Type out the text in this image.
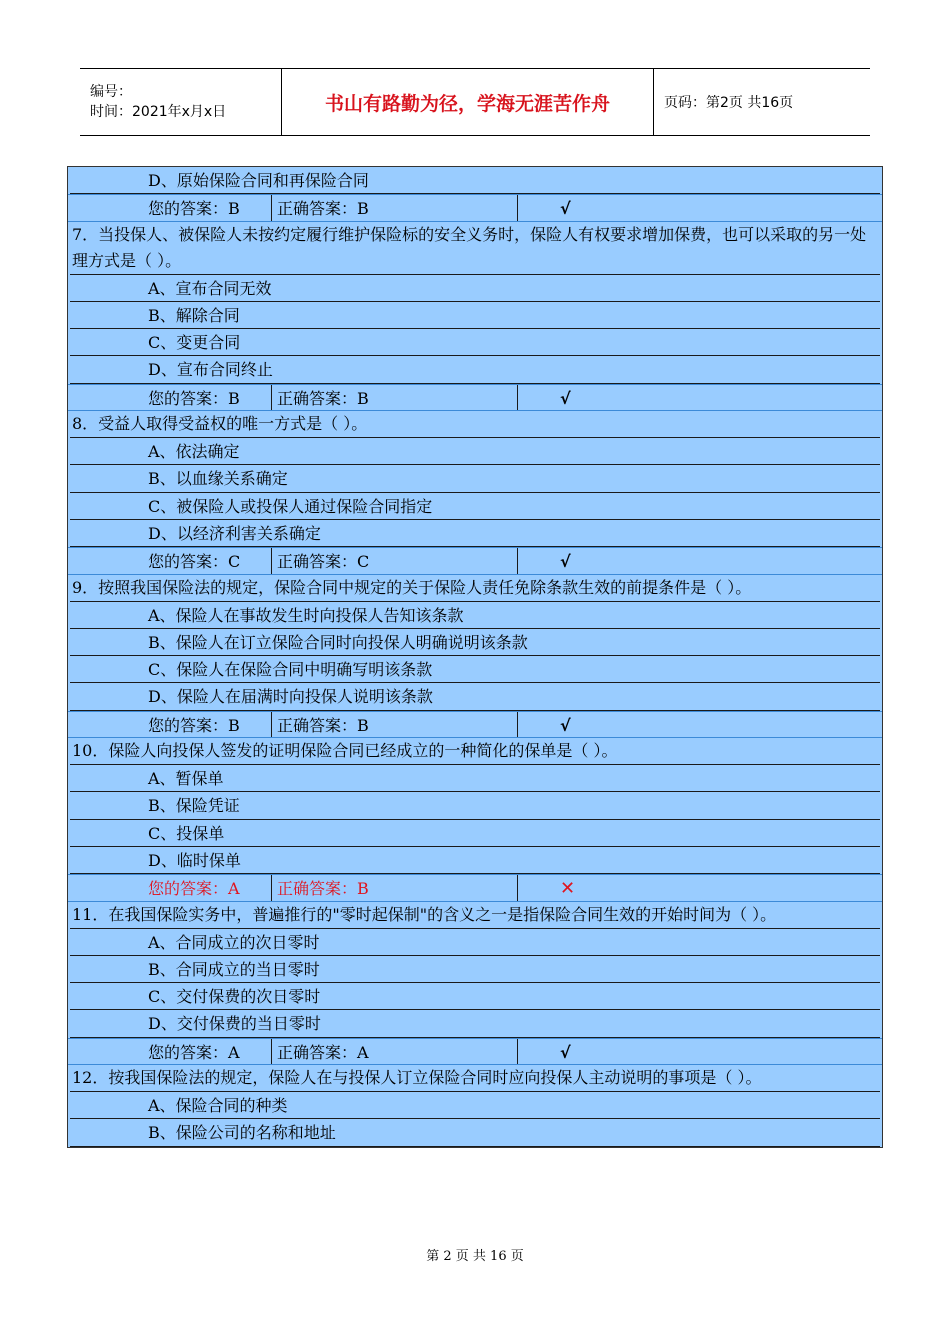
编号：
时间：2021年x月x日	书山有路勤为径，学海无涯苦作舟	页码：第2页 共16页
D、原始保险合同和再保险合同
您的答案：B	正确答案：B	√
7．当投保人、被保险人未按约定履行维护保险标的安全义务时，保险人有权要求增加保费，也可以采取的另一处理方式是（ ）。
A、宣布合同无效
B、解除合同
C、变更合同
D、宣布合同终止
您的答案：B	正确答案：B	√
8．受益人取得受益权的唯一方式是（ ）。
A、依法确定
B、以血缘关系确定
C、被保险人或投保人通过保险合同指定
D、以经济利害关系确定
您的答案：C	正确答案：C	√
9．按照我国保险法的规定，保险合同中规定的关于保险人责任免除条款生效的前提条件是（ ）。
A、保险人在事故发生时向投保人告知该条款
B、保险人在订立保险合同时向投保人明确说明该条款
C、保险人在保险合同中明确写明该条款
D、保险人在届满时向投保人说明该条款
您的答案：B	正确答案：B	√
10．保险人向投保人签发的证明保险合同已经成立的一种简化的保单是（ ）。
A、暂保单
B、保险凭证
C、投保单
D、临时保单
您的答案：A	正确答案：B	✕
11．在我国保险实务中，普遍推行的"零时起保制"的含义之一是指保险合同生效的开始时间为（ ）。
A、合同成立的次日零时
B、合同成立的当日零时
C、交付保费的次日零时
D、交付保费的当日零时
您的答案：A	正确答案：A	√
12．按我国保险法的规定，保险人在与投保人订立保险合同时应向投保人主动说明的事项是（ ）。
A、保险合同的种类
B、保险公司的名称和地址
第 2 页 共 16 页
